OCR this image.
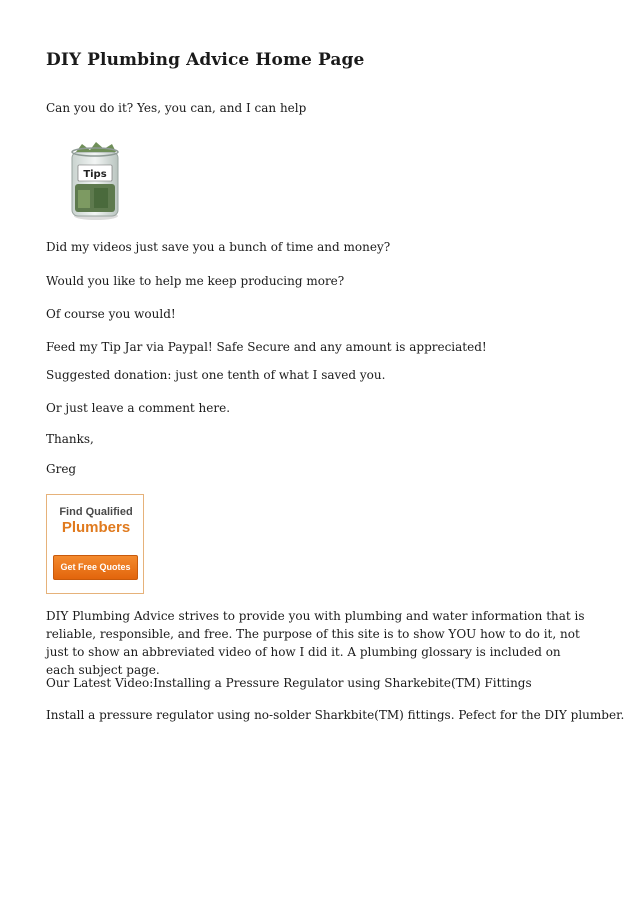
DIY Plumbing Advice Home Page

Can you do it? Yes, you can, and I can help

Tips

Did my videos just save you a bunch of time and money?

Would you like to help me keep producing more?

Of course you would!

Feed my Tip Jar via Paypal! Safe Secure and any amount is appreciated!

Suggested donation: just one tenth of what I saved you.

Or just leave a comment here.

Thanks,

Greg

Find Qualified
Plumbers
Get Free Quotes

DIY Plumbing Advice strives to provide you with plumbing and water information that is reliable, responsible, and free. The purpose of this site is to show YOU how to do it, not just to show an abbreviated video of how I did it. A plumbing glossary is included on each subject page.

Our Latest Video:Installing a Pressure Regulator using Sharkebite(TM) Fittings

Install a pressure regulator using no-solder Sharkbite(TM) fittings. Pefect for the DIY plumber.
